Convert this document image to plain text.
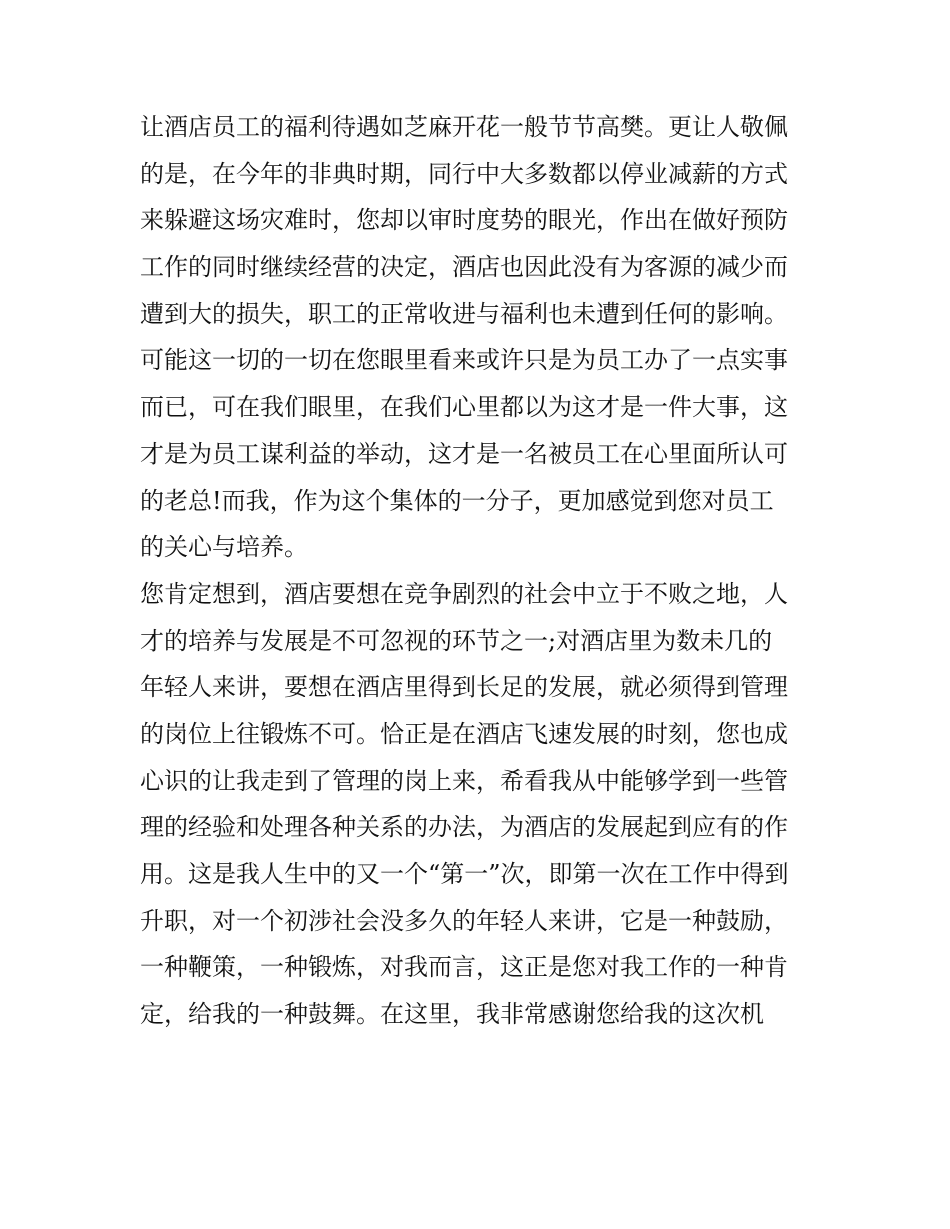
让酒店员工的福利待遇如芝麻开花一般节节高樊。更让人敬佩
的是，在今年的非典时期，同行中大多数都以停业减薪的方式
来躲避这场灾难时，您却以审时度势的眼光，作出在做好预防
工作的同时继续经营的决定，酒店也因此没有为客源的减少而
遭到大的损失，职工的正常收进与福利也未遭到任何的影响。
可能这一切的一切在您眼里看来或许只是为员工办了一点实事
而已，可在我们眼里，在我们心里都以为这才是一件大事，这
才是为员工谋利益的举动，这才是一名被员工在心里面所认可
的老总!而我，作为这个集体的一分子，更加感觉到您对员工
的关心与培养。
您肯定想到，酒店要想在竞争剧烈的社会中立于不败之地，人
才的培养与发展是不可忽视的环节之一;对酒店里为数未几的
年轻人来讲，要想在酒店里得到长足的发展，就必须得到管理
的岗位上往锻炼不可。恰正是在酒店飞速发展的时刻，您也成
心识的让我走到了管理的岗上来，希看我从中能够学到一些管
理的经验和处理各种关系的办法，为酒店的发展起到应有的作
用。这是我人生中的又一个“第一”次，即第一次在工作中得到
升职，对一个初涉社会没多久的年轻人来讲，它是一种鼓励，
一种鞭策，一种锻炼，对我而言，这正是您对我工作的一种肯
定，给我的一种鼓舞。在这里，我非常感谢您给我的这次机
